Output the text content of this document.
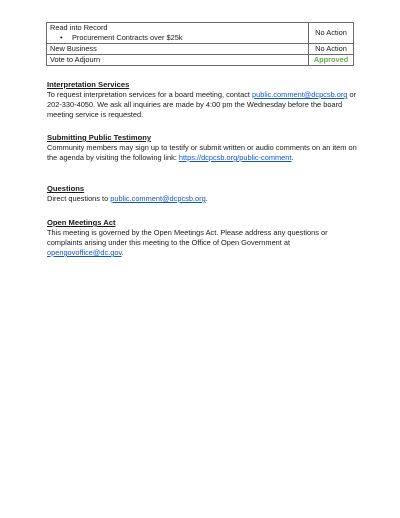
Read into Record
• Procurement Contracts over $25k	No Action
New Business	No Action
Vote to Adjourn	Approved
Interpretation Services

To request interpretation services for a board meeting, contact public.comment@dcpcsb.org or 202-330-4050. We ask all inquiries are made by 4:00 pm the Wednesday before the board meeting service is requested.

Submitting Public Testimony

Community members may sign up to testify or submit written or audio comments on an item on the agenda by visiting the following link: https://dcpcsb.org/public-comment.

Questions

Direct questions to public.comment@dcpcsb.org.

Open Meetings Act

This meeting is governed by the Open Meetings Act. Please address any questions or complaints arising under this meeting to the Office of Open Government at opengovoffice@dc.gov.
